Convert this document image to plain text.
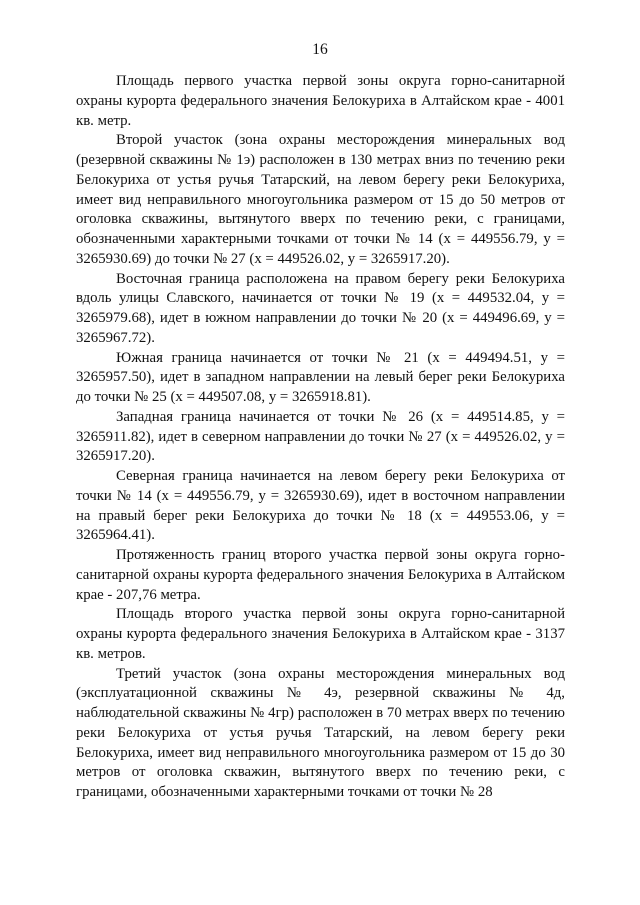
16

Площадь первого участка первой зоны округа горно-санитарной охраны курорта федерального значения Белокуриха в Алтайском крае - 4001 кв. метр.

Второй участок (зона охраны месторождения минеральных вод (резервной скважины № 1э) расположен в 130 метрах вниз по течению реки Белокуриха от устья ручья Татарский, на левом берегу реки Белокуриха, имеет вид неправильного многоугольника размером от 15 до 50 метров от оголовка скважины, вытянутого вверх по течению реки, с границами, обозначенными характерными точками от точки № 14 (x = 449556.79, y = 3265930.69) до точки № 27 (x = 449526.02, y = 3265917.20).

Восточная граница расположена на правом берегу реки Белокуриха вдоль улицы Славского, начинается от точки № 19 (x = 449532.04, y = 3265979.68), идет в южном направлении до точки № 20 (x = 449496.69, y = 3265967.72).

Южная граница начинается от точки № 21 (x = 449494.51, y = 3265957.50), идет в западном направлении на левый берег реки Белокуриха до точки № 25 (x = 449507.08, y = 3265918.81).

Западная граница начинается от точки № 26 (x = 449514.85, y = 3265911.82), идет в северном направлении до точки № 27 (x = 449526.02, y = 3265917.20).

Северная граница начинается на левом берегу реки Белокуриха от точки № 14 (x = 449556.79, y = 3265930.69), идет в восточном направлении на правый берег реки Белокуриха до точки № 18 (x = 449553.06, y = 3265964.41).

Протяженность границ второго участка первой зоны округа горно-санитарной охраны курорта федерального значения Белокуриха в Алтайском крае - 207,76 метра.

Площадь второго участка первой зоны округа горно-санитарной охраны курорта федерального значения Белокуриха в Алтайском крае - 3137 кв. метров.

Третий участок (зона охраны месторождения минеральных вод (эксплуатационной скважины № 4э, резервной скважины № 4д, наблюдательной скважины № 4гр) расположен в 70 метрах вверх по течению реки Белокуриха от устья ручья Татарский, на левом берегу реки Белокуриха, имеет вид неправильного многоугольника размером от 15 до 30 метров от оголовка скважин, вытянутого вверх по течению реки, с границами, обозначенными характерными точками от точки № 28
